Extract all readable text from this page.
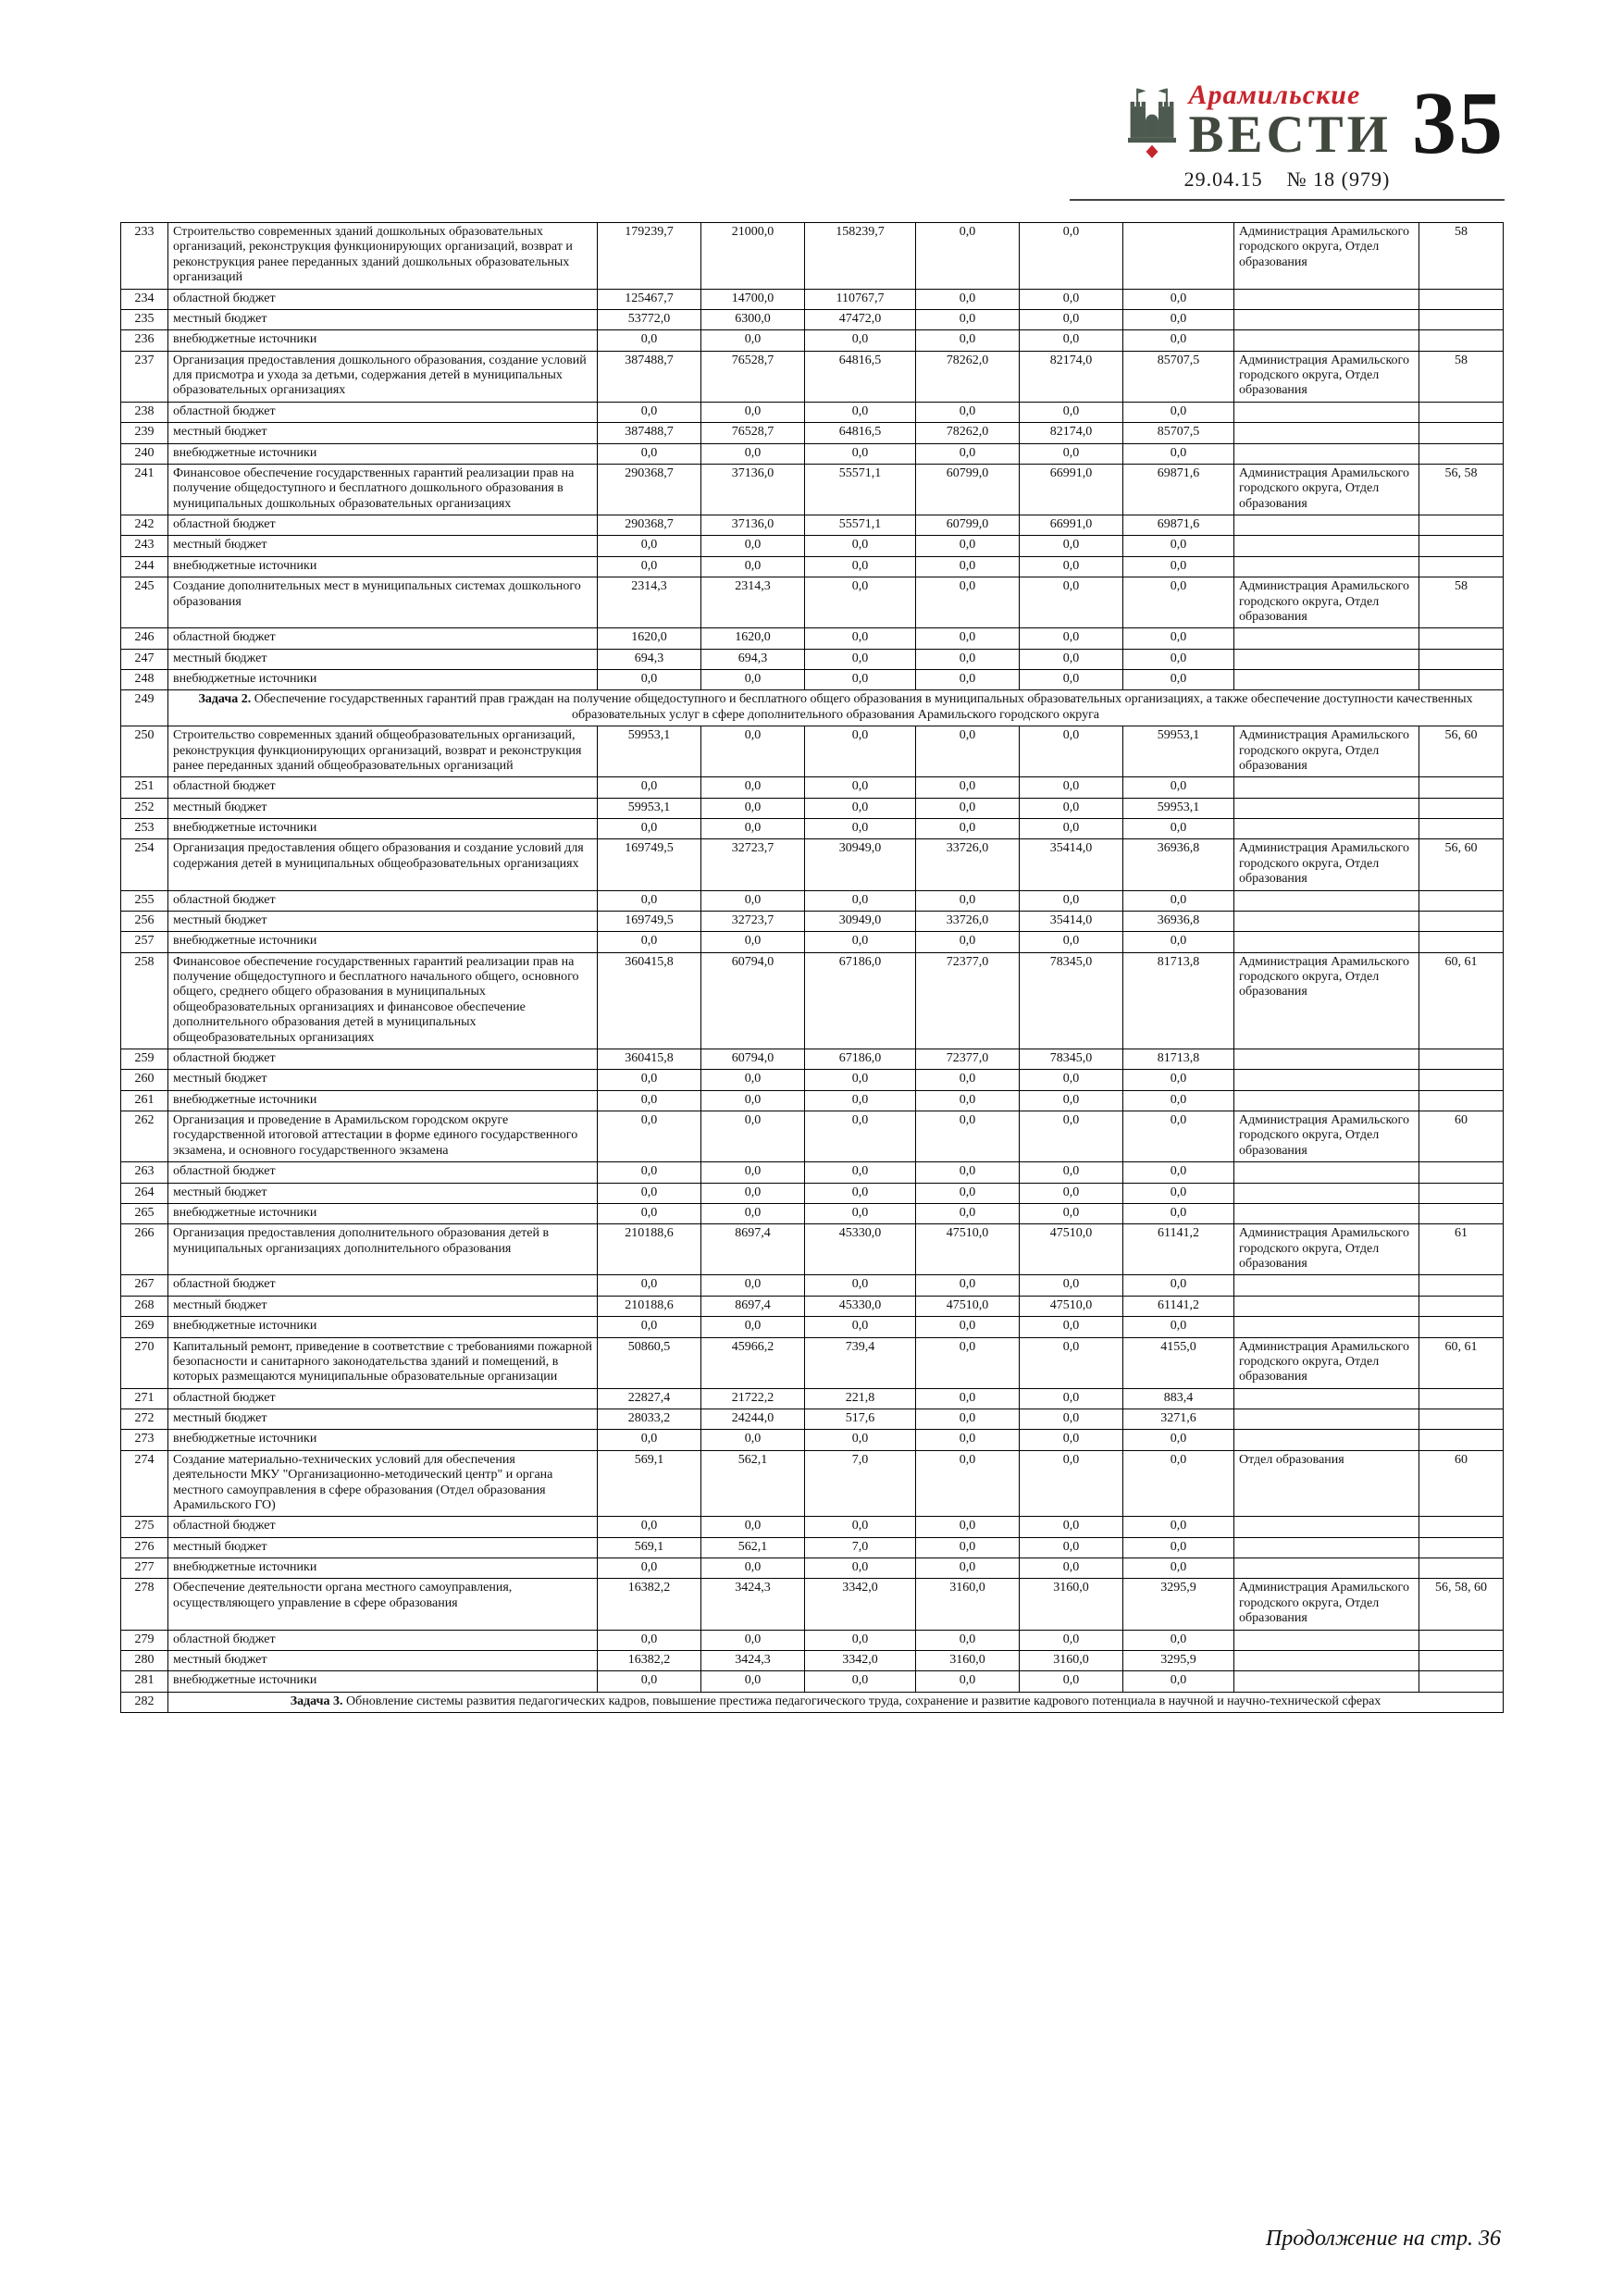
Арамильские
ВЕСТИ 35
29.04.15 № 18 (979)
233	Строительство современных зданий дошкольных образовательных организаций, реконструкция функционирующих организаций, возврат и реконструкция ранее переданных зданий дошкольных образовательных организаций	179239,7	21000,0	158239,7	0,0	0,0		Администрация Арамильского городского округа, Отдел образования	58
234	областной бюджет	125467,7	14700,0	110767,7	0,0	0,0	0,0		
235	местный бюджет	53772,0	6300,0	47472,0	0,0	0,0	0,0		
236	внебюджетные источники	0,0	0,0	0,0	0,0	0,0	0,0		
237	Организация предоставления дошкольного образования, создание условий для присмотра и ухода за детьми, содержания детей в муниципальных образовательных организациях	387488,7	76528,7	64816,5	78262,0	82174,0	85707,5	Администрация Арамильского городского округа, Отдел образования	58
238	областной бюджет	0,0	0,0	0,0	0,0	0,0	0,0		
239	местный бюджет	387488,7	76528,7	64816,5	78262,0	82174,0	85707,5		
240	внебюджетные источники	0,0	0,0	0,0	0,0	0,0	0,0		
241	Финансовое обеспечение государственных гарантий реализации прав на получение общедоступного и бесплатного дошкольного образования в муниципальных дошкольных образовательных организациях	290368,7	37136,0	55571,1	60799,0	66991,0	69871,6	Администрация Арамильского городского округа, Отдел образования	56, 58
242	областной бюджет	290368,7	37136,0	55571,1	60799,0	66991,0	69871,6		
243	местный бюджет	0,0	0,0	0,0	0,0	0,0	0,0		
244	внебюджетные источники	0,0	0,0	0,0	0,0	0,0	0,0		
245	Создание дополнительных мест в муниципальных системах дошкольного образования	2314,3	2314,3	0,0	0,0	0,0	0,0	Администрация Арамильского городского округа, Отдел образования	58
246	областной бюджет	1620,0	1620,0	0,0	0,0	0,0	0,0		
247	местный бюджет	694,3	694,3	0,0	0,0	0,0	0,0		
248	внебюджетные источники	0,0	0,0	0,0	0,0	0,0	0,0		
249	Задача 2. Обеспечение государственных гарантий прав граждан на получение общедоступного и бесплатного общего образования в муниципальных образовательных организациях, а также обеспечение доступности качественных образовательных услуг в сфере дополнительного образования Арамильского городского округа								
250	Строительство современных зданий общеобразовательных организаций, реконструкция функционирующих организаций, возврат и реконструкция ранее переданных зданий общеобразовательных организаций	59953,1	0,0	0,0	0,0	0,0	59953,1	Администрация Арамильского городского округа, Отдел образования	56, 60
251	областной бюджет	0,0	0,0	0,0	0,0	0,0	0,0		
252	местный бюджет	59953,1	0,0	0,0	0,0	0,0	59953,1		
253	внебюджетные источники	0,0	0,0	0,0	0,0	0,0	0,0		
254	Организация предоставления общего образования и создание условий для содержания детей в муниципальных общеобразовательных организациях	169749,5	32723,7	30949,0	33726,0	35414,0	36936,8	Администрация Арамильского городского округа, Отдел образования	56, 60
255	областной бюджет	0,0	0,0	0,0	0,0	0,0	0,0		
256	местный бюджет	169749,5	32723,7	30949,0	33726,0	35414,0	36936,8		
257	внебюджетные источники	0,0	0,0	0,0	0,0	0,0	0,0		
258	Финансовое обеспечение государственных гарантий реализации прав на получение общедоступного и бесплатного начального общего, основного общего, среднего общего образования в муниципальных общеобразовательных организациях и финансовое обеспечение дополнительного образования детей в муниципальных общеобразовательных организациях	360415,8	60794,0	67186,0	72377,0	78345,0	81713,8	Администрация Арамильского городского округа, Отдел образования	60, 61
259	областной бюджет	360415,8	60794,0	67186,0	72377,0	78345,0	81713,8		
260	местный бюджет	0,0	0,0	0,0	0,0	0,0	0,0		
261	внебюджетные источники	0,0	0,0	0,0	0,0	0,0	0,0		
262	Организация и проведение в Арамильском городском округе государственной итоговой аттестации в форме единого государственного экзамена, и основного государственного экзамена	0,0	0,0	0,0	0,0	0,0	0,0	Администрация Арамильского городского округа, Отдел образования	60
263	областной бюджет	0,0	0,0	0,0	0,0	0,0	0,0		
264	местный бюджет	0,0	0,0	0,0	0,0	0,0	0,0		
265	внебюджетные источники	0,0	0,0	0,0	0,0	0,0	0,0		
266	Организация предоставления дополнительного образования детей в муниципальных организациях дополнительного образования	210188,6	8697,4	45330,0	47510,0	47510,0	61141,2	Администрация Арамильского городского округа, Отдел образования	61
267	областной бюджет	0,0	0,0	0,0	0,0	0,0	0,0		
268	местный бюджет	210188,6	8697,4	45330,0	47510,0	47510,0	61141,2		
269	внебюджетные источники	0,0	0,0	0,0	0,0	0,0	0,0		
270	Капитальный ремонт, приведение в соответствие с требованиями пожарной безопасности и санитарного законодательства зданий и помещений, в которых размещаются муниципальные образовательные организации	50860,5	45966,2	739,4	0,0	0,0	4155,0	Администрация Арамильского городского округа, Отдел образования	60, 61
271	областной бюджет	22827,4	21722,2	221,8	0,0	0,0	883,4		
272	местный бюджет	28033,2	24244,0	517,6	0,0	0,0	3271,6		
273	внебюджетные источники	0,0	0,0	0,0	0,0	0,0	0,0		
274	Создание материально-технических условий для обеспечения деятельности МКУ "Организационно-методический центр" и органа местного самоуправления в сфере образования (Отдел образования Арамильского ГО)	569,1	562,1	7,0	0,0	0,0	0,0	Отдел образования	60
275	областной бюджет	0,0	0,0	0,0	0,0	0,0	0,0		
276	местный бюджет	569,1	562,1	7,0	0,0	0,0	0,0		
277	внебюджетные источники	0,0	0,0	0,0	0,0	0,0	0,0		
278	Обеспечение деятельности органа местного самоуправления, осуществляющего управление в сфере образования	16382,2	3424,3	3342,0	3160,0	3160,0	3295,9	Администрация Арамильского городского округа, Отдел образования	56, 58, 60
279	областной бюджет	0,0	0,0	0,0	0,0	0,0	0,0		
280	местный бюджет	16382,2	3424,3	3342,0	3160,0	3160,0	3295,9		
281	внебюджетные источники	0,0	0,0	0,0	0,0	0,0	0,0		
282	Задача 3. Обновление системы развития педагогических кадров, повышение престижа педагогического труда, сохранение и развитие кадрового потенциала в научной и научно-технической сферах								
Продолжение на стр. 36
